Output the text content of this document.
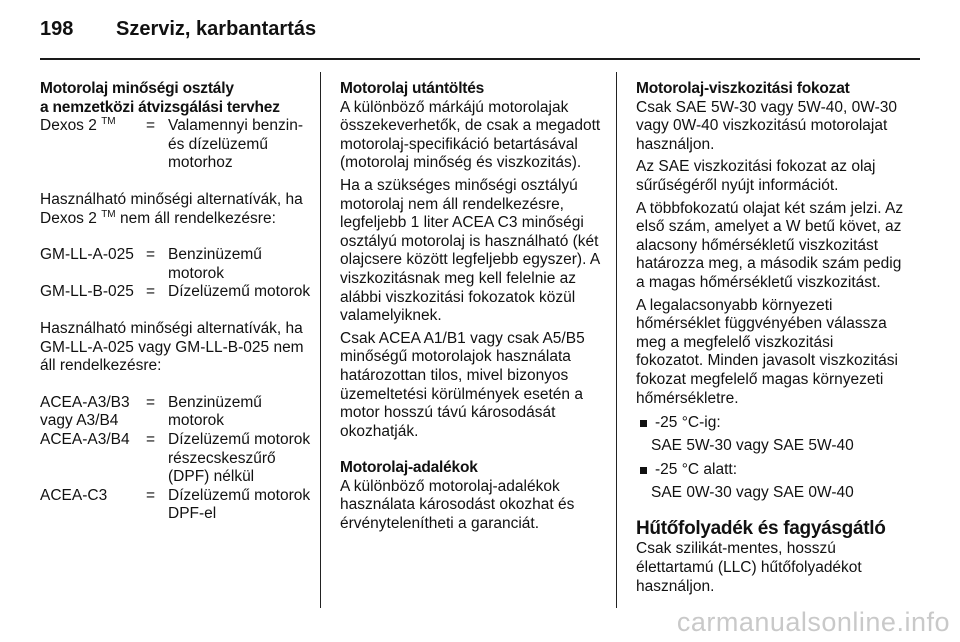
198	Szerviz, karbantartás
Motorolaj minőségi osztály
a nemzetközi átvizsgálási tervhez
Dexos 2 ™	=	Valamennyi benzin- és dízelüzemű motorhoz

Használható minőségi alternatívák, ha Dexos 2 ™ nem áll rendelkezésre:

GM-LL-A-025	=	Benzinüzemű motorok
GM-LL-B-025	=	Dízelüzemű motorok

Használható minőségi alternatívák, ha GM-LL-A-025 vagy GM-LL-B-025 nem áll rendelkezésre:

ACEA-A3/B3 vagy A3/B4	=	Benzinüzemű motorok
ACEA-A3/B4	=	Dízelüzemű motorok részecskeszűrő (DPF) nélkül
ACEA-C3	=	Dízelüzemű motorok DPF-el
Motorolaj utántöltés

A különböző márkájú motorolajak összekeverhetők, de csak a megadott motorolaj-specifikáció betartásával (motorolaj minőség és viszkozitás).

Ha a szükséges minőségi osztályú motorolaj nem áll rendelkezésre, legfeljebb 1 liter ACEA C3 minőségi osztályú motorolaj is használható (két olajcsere között legfeljebb egyszer). A viszkozitásnak meg kell felelnie az alábbi viszkozitási fokozatok közül valamelyiknek.

Csak ACEA A1/B1 vagy csak A5/B5 minőségű motorolajok használata határozottan tilos, mivel bizonyos üzemeltetési körülmények esetén a motor hosszú távú károsodását okozhatják.

Motorolaj-adalékok

A különböző motorolaj-adalékok használata károsodást okozhat és érvénytelenítheti a garanciát.

Motorolaj-viszkozitási fokozat

Csak SAE 5W-30 vagy 5W-40, 0W-30 vagy 0W-40 viszkozitású motorolajat használjon.

Az SAE viszkozitási fokozat az olaj sűrűségéről nyújt információt.

A többfokozatú olajat két szám jelzi. Az első szám, amelyet a W betű követ, az alacsony hőmérsékletű viszkozitást határozza meg, a második szám pedig a magas hőmérsékletű viszkozitást.

A legalacsonyabb környezeti hőmérséklet függvényében válassza meg a megfelelő viszkozitási fokozatot. Minden javasolt viszkozitási fokozat megfelelő magas környezeti hőmérsékletre.

-25 °C-ig:
SAE 5W-30 vagy SAE 5W-40
-25 °C alatt:
SAE 0W-30 vagy SAE 0W-40
Hűtőfolyadék és fagyásgátló

Csak szilikát-mentes, hosszú élettartamú (LLC) hűtőfolyadékot használjon.

carmanualsonline.info
